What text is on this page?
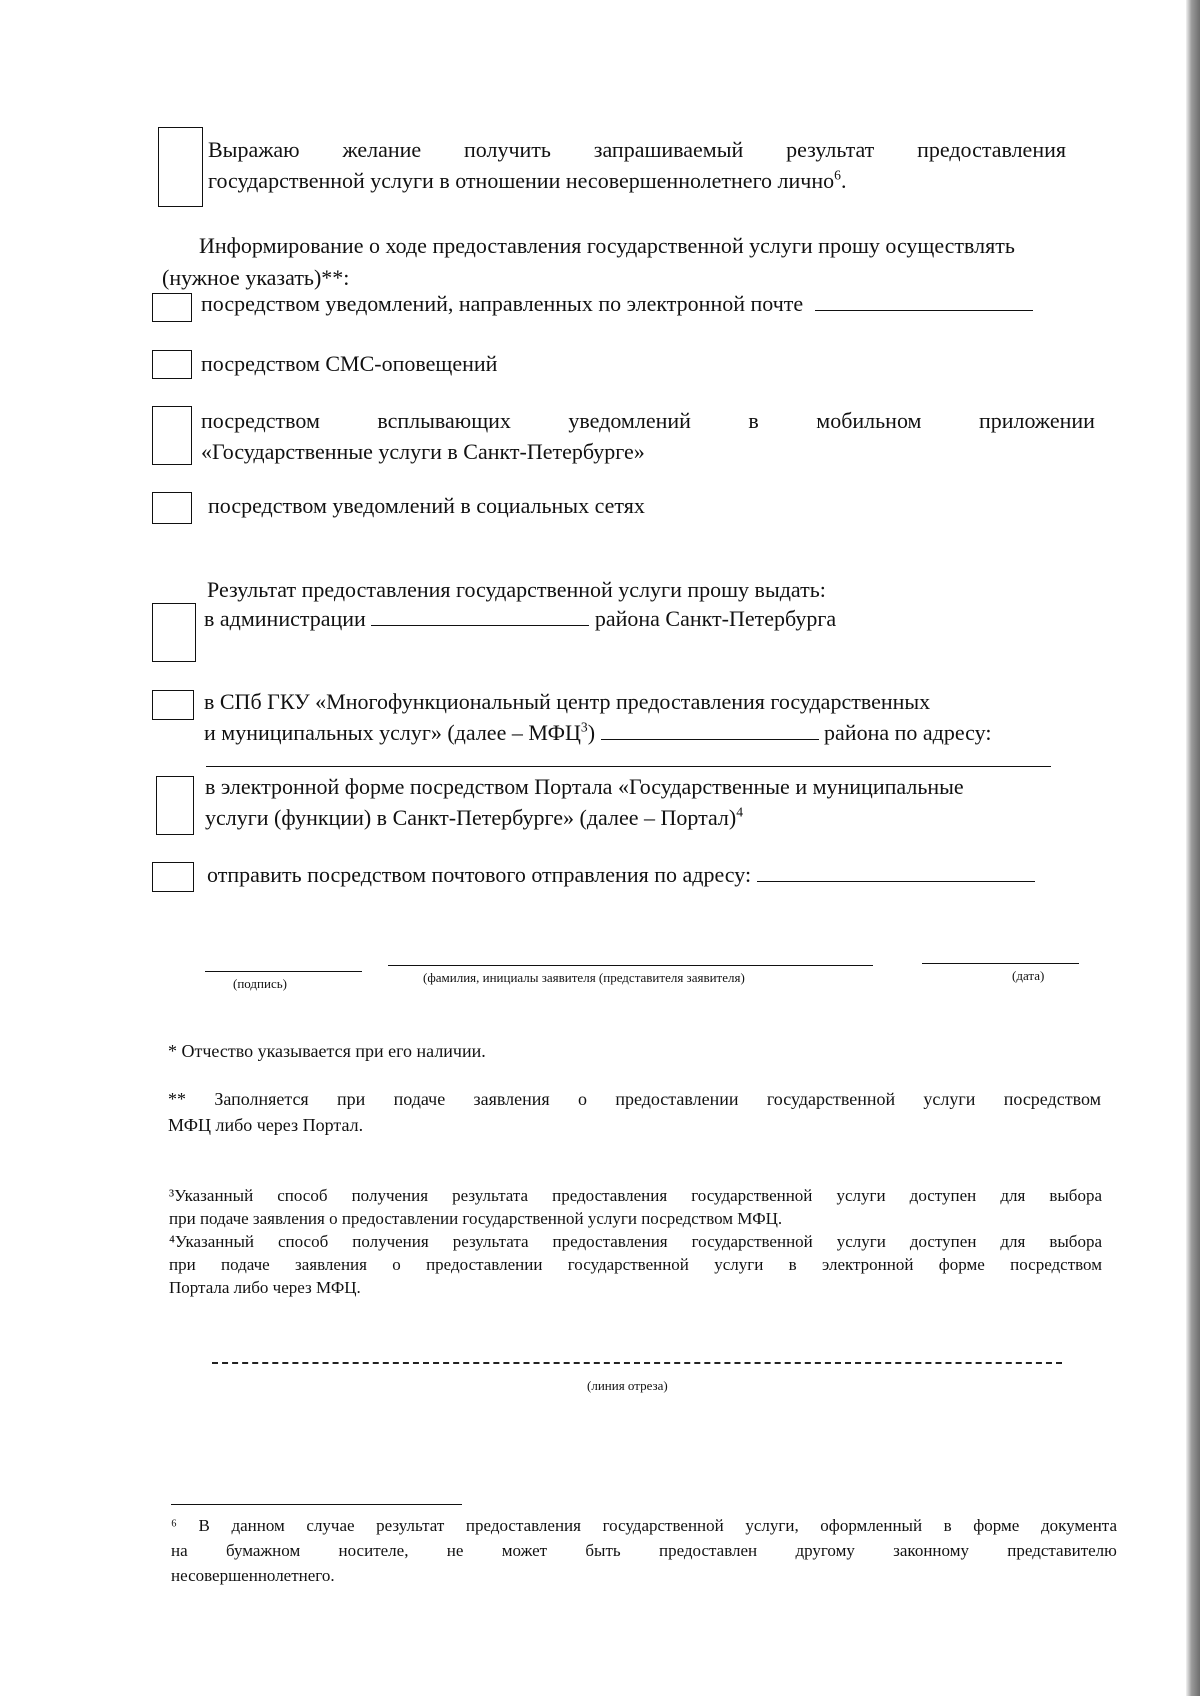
Выражаю желание получить запрашиваемый результат предоставления
государственной услуги в отношении несовершеннолетнего лично$^6$.
Информирование о ходе предоставления государственной услуги прошу осуществлять
(нужное указать)**:
посредством уведомлений, направленных по электронной почте
посредством СМС-оповещений
посредством	всплывающих	уведомлений	в	мобильном	приложении
«Государственные услуги в Санкт-Петербурге»
посредством уведомлений в социальных сетях
Результат предоставления государственной услуги прошу выдать:
в администрации	района Санкт-Петербурга
в СПб ГКУ «Многофункциональный центр предоставления государственных
и муниципальных услуг» (далее – МФЦ$^3$)	района по адресу:
в электронной форме посредством Портала «Государственные и муниципальные
услуги (функции) в Санкт-Петербурге» (далее – Портал)$^4$
отправить посредством почтового отправления по адресу:
(подпись)	(фамилия, инициалы заявителя (представителя заявителя)	(дата)
* Отчество указывается при его наличии.
** Заполняется при подаче заявления о предоставлении государственной услуги посредством
МФЦ либо через Портал.
³Указанный способ получения результата предоставления государственной услуги доступен для выбора
при подаче заявления о предоставлении государственной услуги посредством МФЦ.
⁴Указанный способ получения результата предоставления государственной услуги доступен для выбора
при подаче заявления о предоставлении государственной услуги в электронной форме посредством
Портала либо через МФЦ.
(линия отреза)
⁶ В данном случае результат предоставления государственной услуги, оформленный в форме документа
на бумажном носителе, не может быть предоставлен другому законному представителю
несовершеннолетнего.
